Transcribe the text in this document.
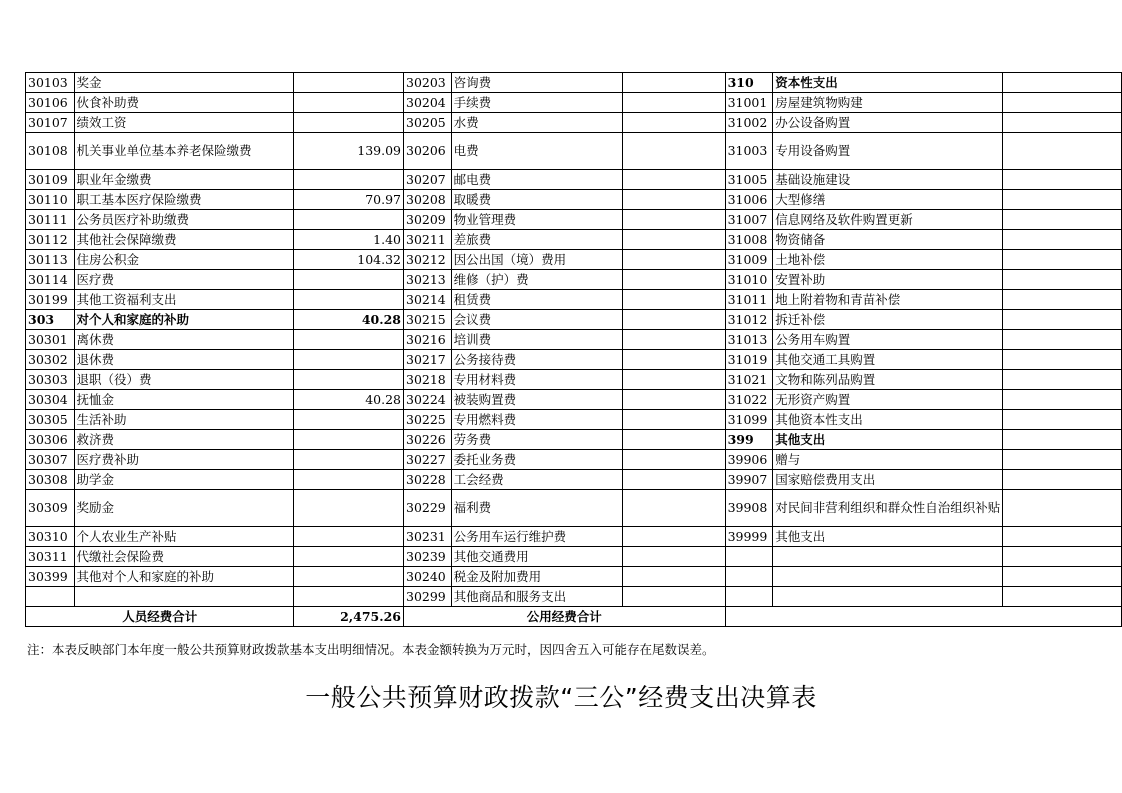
30103	奖金		30203	咨询费		310	资本性支出	
30106	伙食补助费		30204	手续费		31001	房屋建筑物购建	
30107	绩效工资		30205	水费		31002	办公设备购置	
30108	机关事业单位基本养老保险缴费	139.09	30206	电费		31003	专用设备购置	
30109	职业年金缴费		30207	邮电费		31005	基础设施建设	
30110	职工基本医疗保险缴费	70.97	30208	取暖费		31006	大型修缮	
30111	公务员医疗补助缴费		30209	物业管理费		31007	信息网络及软件购置更新	
30112	其他社会保障缴费	1.40	30211	差旅费		31008	物资储备	
30113	住房公积金	104.32	30212	因公出国（境）费用		31009	土地补偿	
30114	医疗费		30213	维修（护）费		31010	安置补助	
30199	其他工资福利支出		30214	租赁费		31011	地上附着物和青苗补偿	
303	对个人和家庭的补助	40.28	30215	会议费		31012	拆迁补偿	
30301	离休费		30216	培训费		31013	公务用车购置	
30302	退休费		30217	公务接待费		31019	其他交通工具购置	
30303	退职（役）费		30218	专用材料费		31021	文物和陈列品购置	
30304	抚恤金	40.28	30224	被装购置费		31022	无形资产购置	
30305	生活补助		30225	专用燃料费		31099	其他资本性支出	
30306	救济费		30226	劳务费		399	其他支出	
30307	医疗费补助		30227	委托业务费		39906	赠与	
30308	助学金		30228	工会经费		39907	国家赔偿费用支出	
30309	奖励金		30229	福利费		39908	对民间非营利组织和群众性自治组织补贴	
30310	个人农业生产补贴		30231	公务用车运行维护费		39999	其他支出	
30311	代缴社会保险费		30239	其他交通费用				
30399	其他对个人和家庭的补助		30240	税金及附加费用				
			30299	其他商品和服务支出				
人员经费合计		2,475.26	公用经费合计					
注：本表反映部门本年度一般公共预算财政拨款基本支出明细情况。本表金额转换为万元时，因四舍五入可能存在尾数误差。
一般公共预算财政拨款“三公”经费支出决算表
